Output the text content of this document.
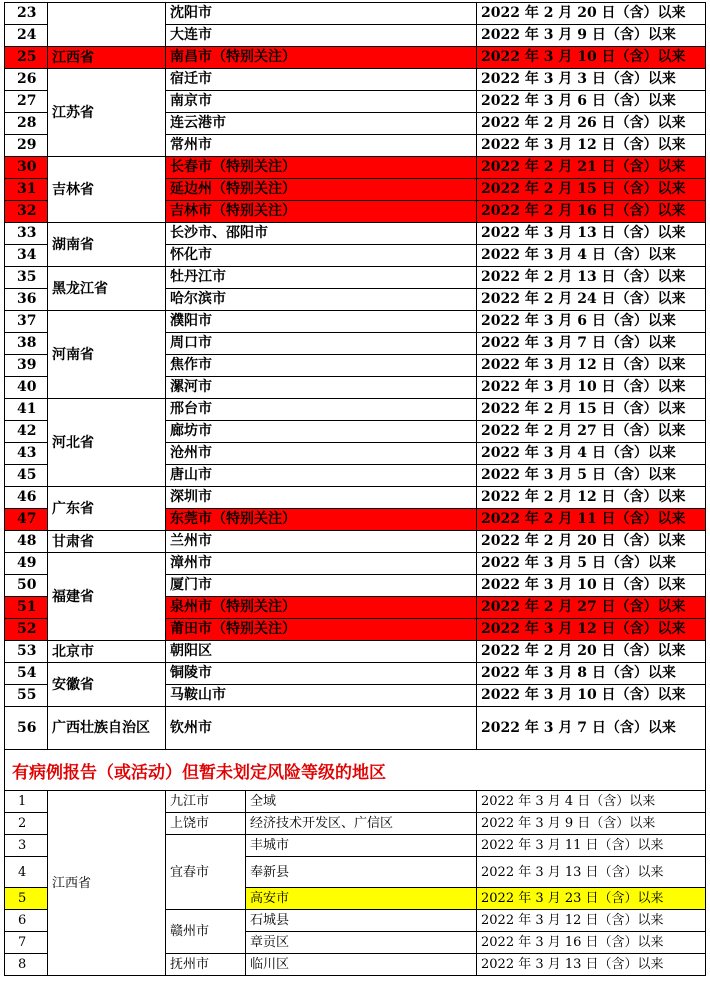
23		沈阳市	2022 年 2 月 20 日（含）以来
24		大连市	2022 年 3 月 9 日（含）以来
25	江西省	南昌市（特别关注）	2022 年 3 月 10 日（含）以来
26	江苏省	宿迁市	2022 年 3 月 3 日（含）以来
27		南京市	2022 年 3 月 6 日（含）以来
28		连云港市	2022 年 2 月 26 日（含）以来
29		常州市	2022 年 3 月 12 日（含）以来
30	吉林省	长春市（特别关注）	2022 年 2 月 21 日（含）以来
31		延边州（特别关注）	2022 年 2 月 15 日（含）以来
32		吉林市（特别关注）	2022 年 2 月 16 日（含）以来
33	湖南省	长沙市、邵阳市	2022 年 3 月 13 日（含）以来
34		怀化市	2022 年 3 月 4 日（含）以来
35	黑龙江省	牡丹江市	2022 年 2 月 13 日（含）以来
36		哈尔滨市	2022 年 2 月 24 日（含）以来
37	河南省	濮阳市	2022 年 3 月 6 日（含）以来
38		周口市	2022 年 3 月 7 日（含）以来
39		焦作市	2022 年 3 月 12 日（含）以来
40		漯河市	2022 年 3 月 10 日（含）以来
41	河北省	邢台市	2022 年 2 月 15 日（含）以来
42		廊坊市	2022 年 2 月 27 日（含）以来
43		沧州市	2022 年 3 月 4 日（含）以来
45		唐山市	2022 年 3 月 5 日（含）以来
46	广东省	深圳市	2022 年 2 月 12 日（含）以来
47		东莞市（特别关注）	2022 年 2 月 11 日（含）以来
48	甘肃省	兰州市	2022 年 2 月 20 日（含）以来
49	福建省	漳州市	2022 年 3 月 5 日（含）以来
50		厦门市	2022 年 3 月 10 日（含）以来
51		泉州市（特别关注）	2022 年 2 月 27 日（含）以来
52		莆田市（特别关注）	2022 年 3 月 12 日（含）以来
53	北京市	朝阳区	2022 年 2 月 20 日（含）以来
54	安徽省	铜陵市	2022 年 3 月 8 日（含）以来
55		马鞍山市	2022 年 3 月 10 日（含）以来
56	广西壮族自治区	钦州市	2022 年 3 月 7 日（含）以来
有病例报告（或活动）但暂未划定风险等级的地区
1	江西省	九江市	全域	2022 年 3 月 4 日（含）以来
2		上饶市	经济技术开发区、广信区	2022 年 3 月 9 日（含）以来
3		宜春市	丰城市	2022 年 3 月 11 日（含）以来
4			奉新县	2022 年 3 月 13 日（含）以来
5			高安市	2022 年 3 月 23 日（含）以来
6		赣州市	石城县	2022 年 3 月 12 日（含）以来
7			章贡区	2022 年 3 月 16 日（含）以来
8		抚州市	临川区	2022 年 3 月 13 日（含）以来
